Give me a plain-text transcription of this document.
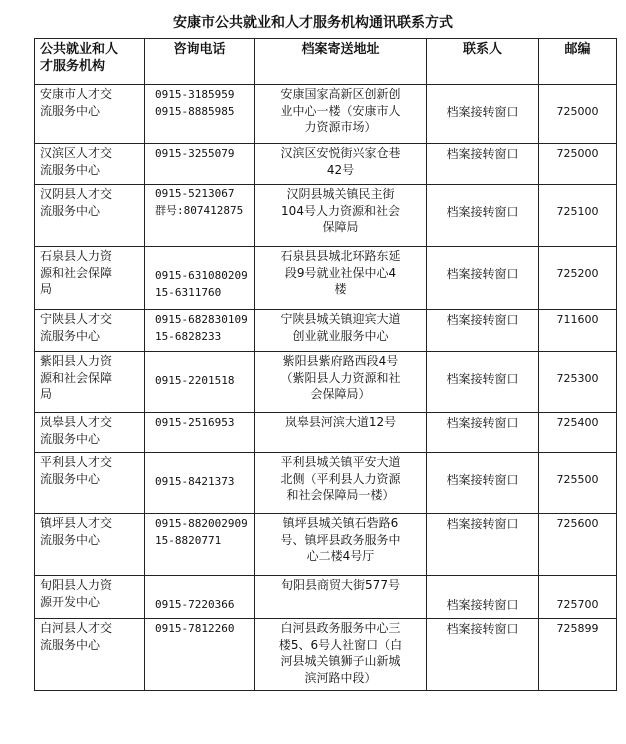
安康市公共就业和人才服务机构通讯联系方式
公共就业和人
才服务机构	咨询电话	档案寄送地址	联系人	邮编

安康市人才交
流服务中心	0915-3185959
0915-8885985	安康国家高新区创新创
业中心一楼（安康市人
力资源市场）	档案接转窗口	725000

汉滨区人才交
流服务中心	0915-3255079	汉滨区安悦街兴家仓巷
42号	档案接转窗口	725000

汉阴县人才交
流服务中心	0915-5213067
群号:807412875	汉阴县城关镇民主街
104号人力资源和社会
保障局	档案接转窗口	725100

石泉县人力资
源和社会保障
局	0915-631080209
15-6311760	石泉县县城北环路东延
段9号就业社保中心4
楼	档案接转窗口	725200

宁陕县人才交
流服务中心	0915-682830109
15-6828233	宁陕县城关镇迎宾大道
创业就业服务中心	档案接转窗口	711600

紫阳县人力资
源和社会保障
局	0915-2201518	紫阳县紫府路西段4号
（紫阳县人力资源和社
会保障局）	档案接转窗口	725300

岚皋县人才交
流服务中心	0915-2516953	岚皋县河滨大道12号	档案接转窗口	725400

平利县人才交
流服务中心	0915-8421373	平利县城关镇平安大道
北侧（平利县人力资源
和社会保障局一楼）	档案接转窗口	725500

镇坪县人才交
流服务中心	0915-882002909
15-8820771	镇坪县城关镇石砦路6
号、镇坪县政务服务中
心二楼4号厅	档案接转窗口	725600

旬阳县人力资
源开发中心	0915-7220366	旬阳县商贸大街577号	档案接转窗口	725700

白河县人才交
流服务中心	0915-7812260	白河县政务服务中心三
楼5、6号人社窗口（白
河县城关镇狮子山新城
滨河路中段）	档案接转窗口	725899
